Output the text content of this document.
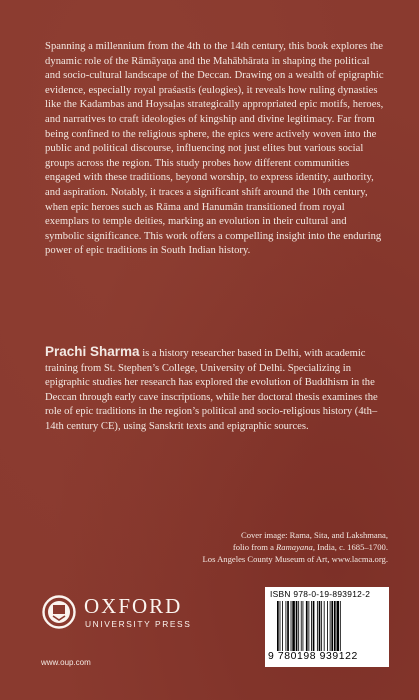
Spanning a millennium from the 4th to the 14th century, this book explores the dynamic role of the Rāmāyaṇa and the Mahābhārata in shaping the political and socio-cultural landscape of the Deccan. Drawing on a wealth of epigraphic evidence, especially royal praśastis (eulogies), it reveals how ruling dynasties like the Kadambas and Hoysaḷas strategically appropriated epic motifs, heroes, and narratives to craft ideologies of kingship and divine legitimacy. Far from being confined to the religious sphere, the epics were actively woven into the public and political discourse, influencing not just elites but various social groups across the region. This study probes how different communities engaged with these traditions, beyond worship, to express identity, authority, and aspiration. Notably, it traces a significant shift around the 10th century, when epic heroes such as Rāma and Hanumān transitioned from royal exemplars to temple deities, marking an evolution in their cultural and symbolic significance. This work offers a compelling insight into the enduring power of epic traditions in South Indian history.
Prachi Sharma is a history researcher based in Delhi, with academic training from St. Stephen’s College, University of Delhi. Specializing in epigraphic studies her research has explored the evolution of Buddhism in the Deccan through early cave inscriptions, while her doctoral thesis examines the role of epic traditions in the region’s political and socio-religious history (4th–14th century CE), using Sanskrit texts and epigraphic sources.
Cover image: Rama, Sita, and Lakshmana,
folio from a Ramayana, India, c. 1685–1700.
Los Angeles County Museum of Art, www.lacma.org.
OXFORD
UNIVERSITY PRESS
www.oup.com
ISBN 978-0-19-893912-2
9 780198 939122
